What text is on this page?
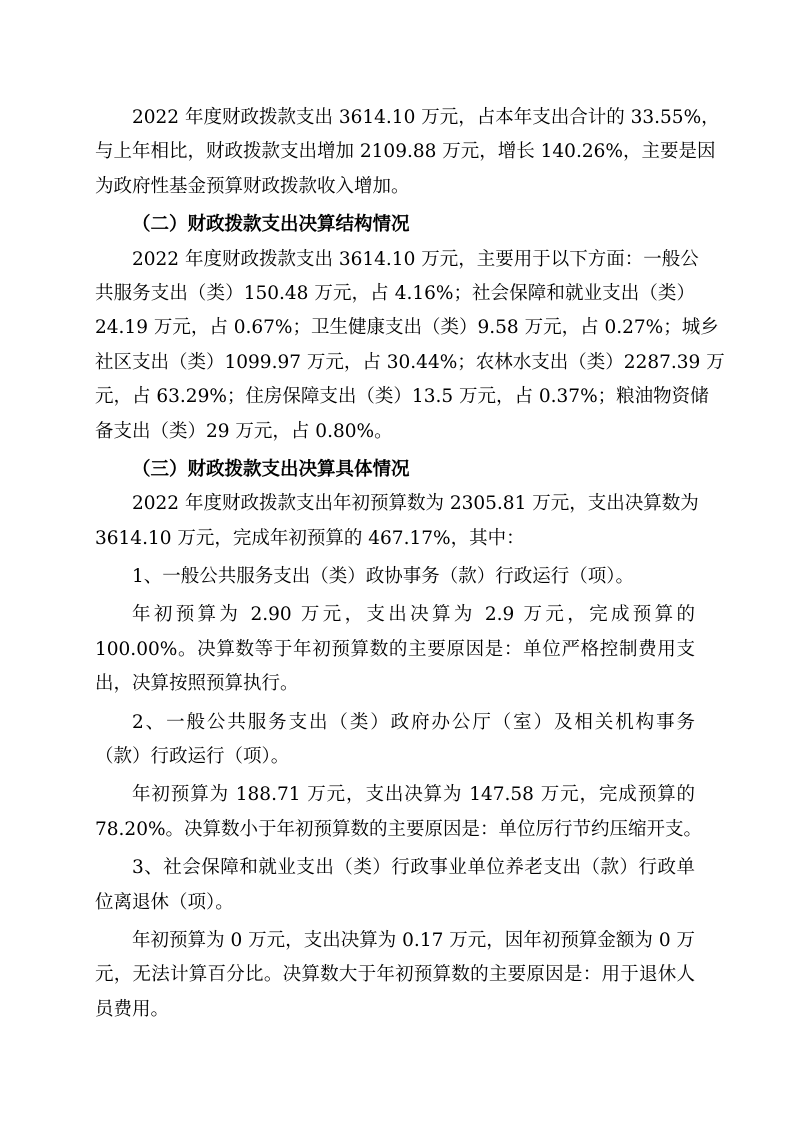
2022 年度财政拨款支出 3614.10 万元，占本年支出合计的 33.55%，
与上年相比，财政拨款支出增加 2109.88 万元，增长 140.26%，主要是因
为政府性基金预算财政拨款收入增加。
（二）财政拨款支出决算结构情况
2022 年度财政拨款支出 3614.10 万元，主要用于以下方面：一般公
共服务支出（类）150.48 万元，占 4.16%；社会保障和就业支出（类）
24.19 万元，占 0.67%；卫生健康支出（类）9.58 万元，占 0.27%；城乡
社区支出（类）1099.97 万元，占 30.44%；农林水支出（类）2287.39 万
元，占 63.29%；住房保障支出（类）13.5 万元，占 0.37%；粮油物资储
备支出（类）29 万元，占 0.80%。
（三）财政拨款支出决算具体情况
2022 年度财政拨款支出年初预算数为 2305.81 万元，支出决算数为
3614.10 万元，完成年初预算的 467.17%，其中：
1、一般公共服务支出（类）政协事务（款）行政运行（项）。
年初预算为 2.90 万元，支出决算为 2.9 万元，完成预算的
100.00%。决算数等于年初预算数的主要原因是：单位严格控制费用支
出，决算按照预算执行。
2、一般公共服务支出（类）政府办公厅（室）及相关机构事务
（款）行政运行（项）。
年初预算为 188.71 万元，支出决算为 147.58 万元，完成预算的
78.20%。决算数小于年初预算数的主要原因是：单位厉行节约压缩开支。
3、社会保障和就业支出（类）行政事业单位养老支出（款）行政单
位离退休（项）。
年初预算为 0 万元，支出决算为 0.17 万元，因年初预算金额为 0 万
元，无法计算百分比。决算数大于年初预算数的主要原因是：用于退休人
员费用。
